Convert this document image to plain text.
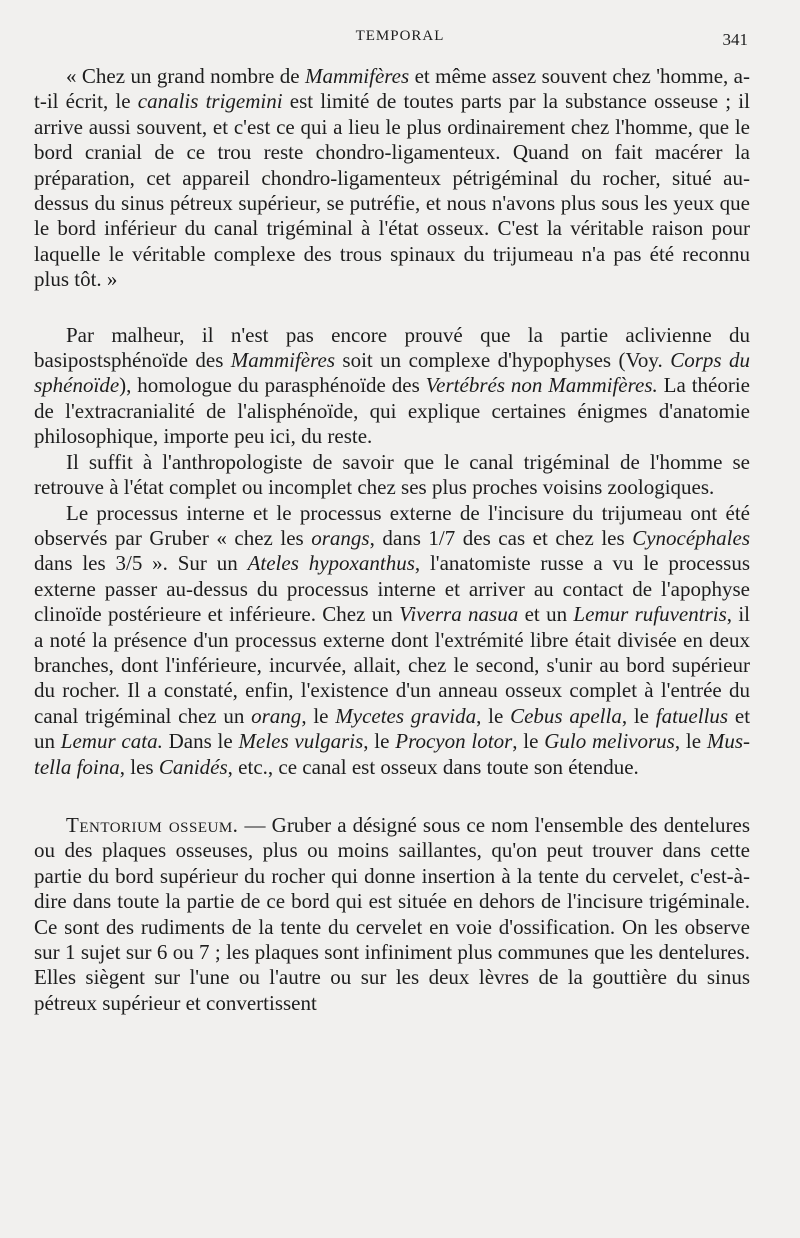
TEMPORAL	341

« Chez un grand nombre de Mammifères et même assez souvent chez 'homme, a-t-il écrit, le canalis trigemini est limité de toutes parts par la substance osseuse ; il arrive aussi souvent, et c'est ce qui a lieu le plus ordinairement chez l'homme, que le bord cranial de ce trou reste chondro-ligamenteux. Quand on fait macérer la préparation, cet appareil chondro-ligamenteux pétrigéminal du rocher, situé au-dessus du sinus pétreux supérieur, se putréfie, et nous n'avons plus sous les yeux que le bord inférieur du canal trigéminal à l'état osseux. C'est la véritable raison pour laquelle le véritable complexe des trous spinaux du trijumeau n'a pas été reconnu plus tôt. »

Par malheur, il n'est pas encore prouvé que la partie aclivienne du basipostsphénoïde des Mammifères soit un complexe d'hypophyses (Voy. Corps du sphénoïde), homologue du parasphénoïde des Vertébrés non Mammifères. La théorie de l'extracranialité de l'alisphénoïde, qui explique certaines énigmes d'anatomie philosophique, importe peu ici, du reste.

Il suffit à l'anthropologiste de savoir que le canal trigéminal de l'homme se retrouve à l'état complet ou incomplet chez ses plus proches voisins zoologiques.

Le processus interne et le processus externe de l'incisure du trijumeau ont été observés par Gruber « chez les orangs, dans 1/7 des cas et chez les Cynocéphales dans les 3/5 ». Sur un Ateles hypoxanthus, l'anatomiste russe a vu le processus externe passer au-dessus du processus interne et arriver au contact de l'apophyse clinoïde postérieure et inférieure. Chez un Viverra nasua et un Lemur rufuventris, il a noté la présence d'un processus externe dont l'extrémité libre était divisée en deux branches, dont l'inférieure, incurvée, allait, chez le second, s'unir au bord supérieur du rocher. Il a constaté, enfin, l'existence d'un anneau osseux complet à l'entrée du canal trigéminal chez un orang, le Mycetes gravida, le Cebus apella, le fatuellus et un Lemur cata. Dans le Meles vulgaris, le Procyon lotor, le Gulo melivorus, le Mustella foina, les Canidés, etc., ce canal est osseux dans toute son étendue.

Tentorium osseum. — Gruber a désigné sous ce nom l'ensemble des dentelures ou des plaques osseuses, plus ou moins saillantes, qu'on peut trouver dans cette partie du bord supérieur du rocher qui donne insertion à la tente du cervelet, c'est-à-dire dans toute la partie de ce bord qui est située en dehors de l'incisure trigéminale. Ce sont des rudiments de la tente du cervelet en voie d'ossification. On les observe sur 1 sujet sur 6 ou 7 ; les plaques sont infiniment plus communes que les dentelures. Elles siègent sur l'une ou l'autre ou sur les deux lèvres de la gouttière du sinus pétreux supérieur et convertissent
